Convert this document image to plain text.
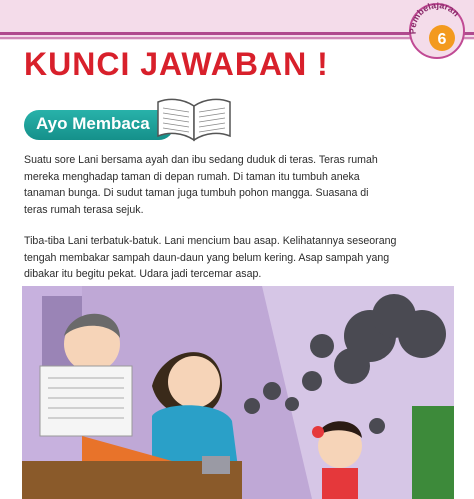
Pembelajaran
6
KUNCI JAWABAN !
Ayo Membaca

Suatu sore Lani bersama ayah dan ibu sedang duduk di teras. Teras rumah

mereka menghadap taman di depan rumah. Di taman itu tumbuh aneka

tanaman bunga. Di sudut taman juga tumbuh pohon mangga. Suasana di

teras rumah terasa sejuk.

Tiba-tiba Lani terbatuk-batuk. Lani mencium bau asap. Kelihatannya seseorang

tengah membakar sampah daun-daun yang belum kering. Asap sampah yang

dibakar itu begitu pekat. Udara jadi tercemar asap.
